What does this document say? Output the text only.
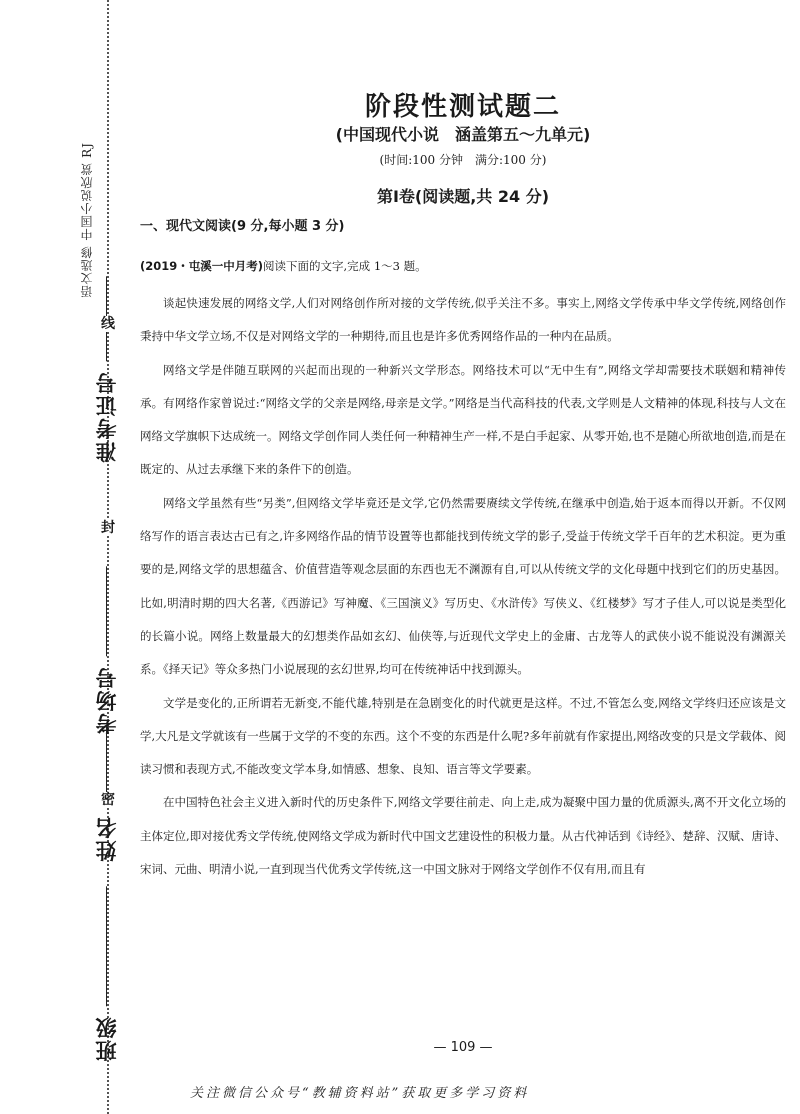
语文选修 中国小说欣赏 RJ
准考证号
考场号
姓名
班级
线
封
密
阶段性测试题二
(中国现代小说　涵盖第五～九单元)
(时间:100 分钟　满分:100 分)
第Ⅰ卷(阅读题,共 24 分)
一、现代文阅读(9 分,每小题 3 分)
(2019・屯溪一中月考)阅读下面的文字,完成 1～3 题。

谈起快速发展的网络文学,人们对网络创作所对接的文学传统,似乎关注不多。事实上,网络文学传承中华文学传统,网络创作秉持中华文学立场,不仅是对网络文学的一种期待,而且也是许多优秀网络作品的一种内在品质。

网络文学是伴随互联网的兴起而出现的一种新兴文学形态。网络技术可以“无中生有”,网络文学却需要技术联姻和精神传承。有网络作家曾说过:“网络文学的父亲是网络,母亲是文学。”网络是当代高科技的代表,文学则是人文精神的体现,科技与人文在网络文学旗帜下达成统一。网络文学创作同人类任何一种精神生产一样,不是白手起家、从零开始,也不是随心所欲地创造,而是在既定的、从过去承继下来的条件下的创造。

网络文学虽然有些“另类”,但网络文学毕竟还是文学,它仍然需要赓续文学传统,在继承中创造,始于返本而得以开新。不仅网络写作的语言表达古已有之,许多网络作品的情节设置等也都能找到传统文学的影子,受益于传统文学千百年的艺术积淀。更为重要的是,网络文学的思想蕴含、价值营造等观念层面的东西也无不渊源有自,可以从传统文学的文化母题中找到它们的历史基因。比如,明清时期的四大名著,《西游记》写神魔、《三国演义》写历史、《水浒传》写侠义、《红楼梦》写才子佳人,可以说是类型化的长篇小说。网络上数量最大的幻想类作品如玄幻、仙侠等,与近现代文学史上的金庸、古龙等人的武侠小说不能说没有渊源关系。《择天记》等众多热门小说展现的玄幻世界,均可在传统神话中找到源头。

文学是变化的,正所谓若无新变,不能代雄,特别是在急剧变化的时代就更是这样。不过,不管怎么变,网络文学终归还应该是文学,大凡是文学就该有一些属于文学的不变的东西。这个不变的东西是什么呢?多年前就有作家提出,网络改变的只是文学载体、阅读习惯和表现方式,不能改变文学本身,如情感、想象、良知、语言等文学要素。

在中国特色社会主义进入新时代的历史条件下,网络文学要往前走、向上走,成为凝聚中国力量的优质源头,离不开文化立场的主体定位,即对接优秀文学传统,使网络文学成为新时代中国文艺建设性的积极力量。从古代神话到《诗经》、楚辞、汉赋、唐诗、宋词、元曲、明清小说,一直到现当代优秀文学传统,这一中国文脉对于网络文学创作不仅有用,而且有

— 109 —
关注微信公众号“教辅资料站”获取更多学习资料
